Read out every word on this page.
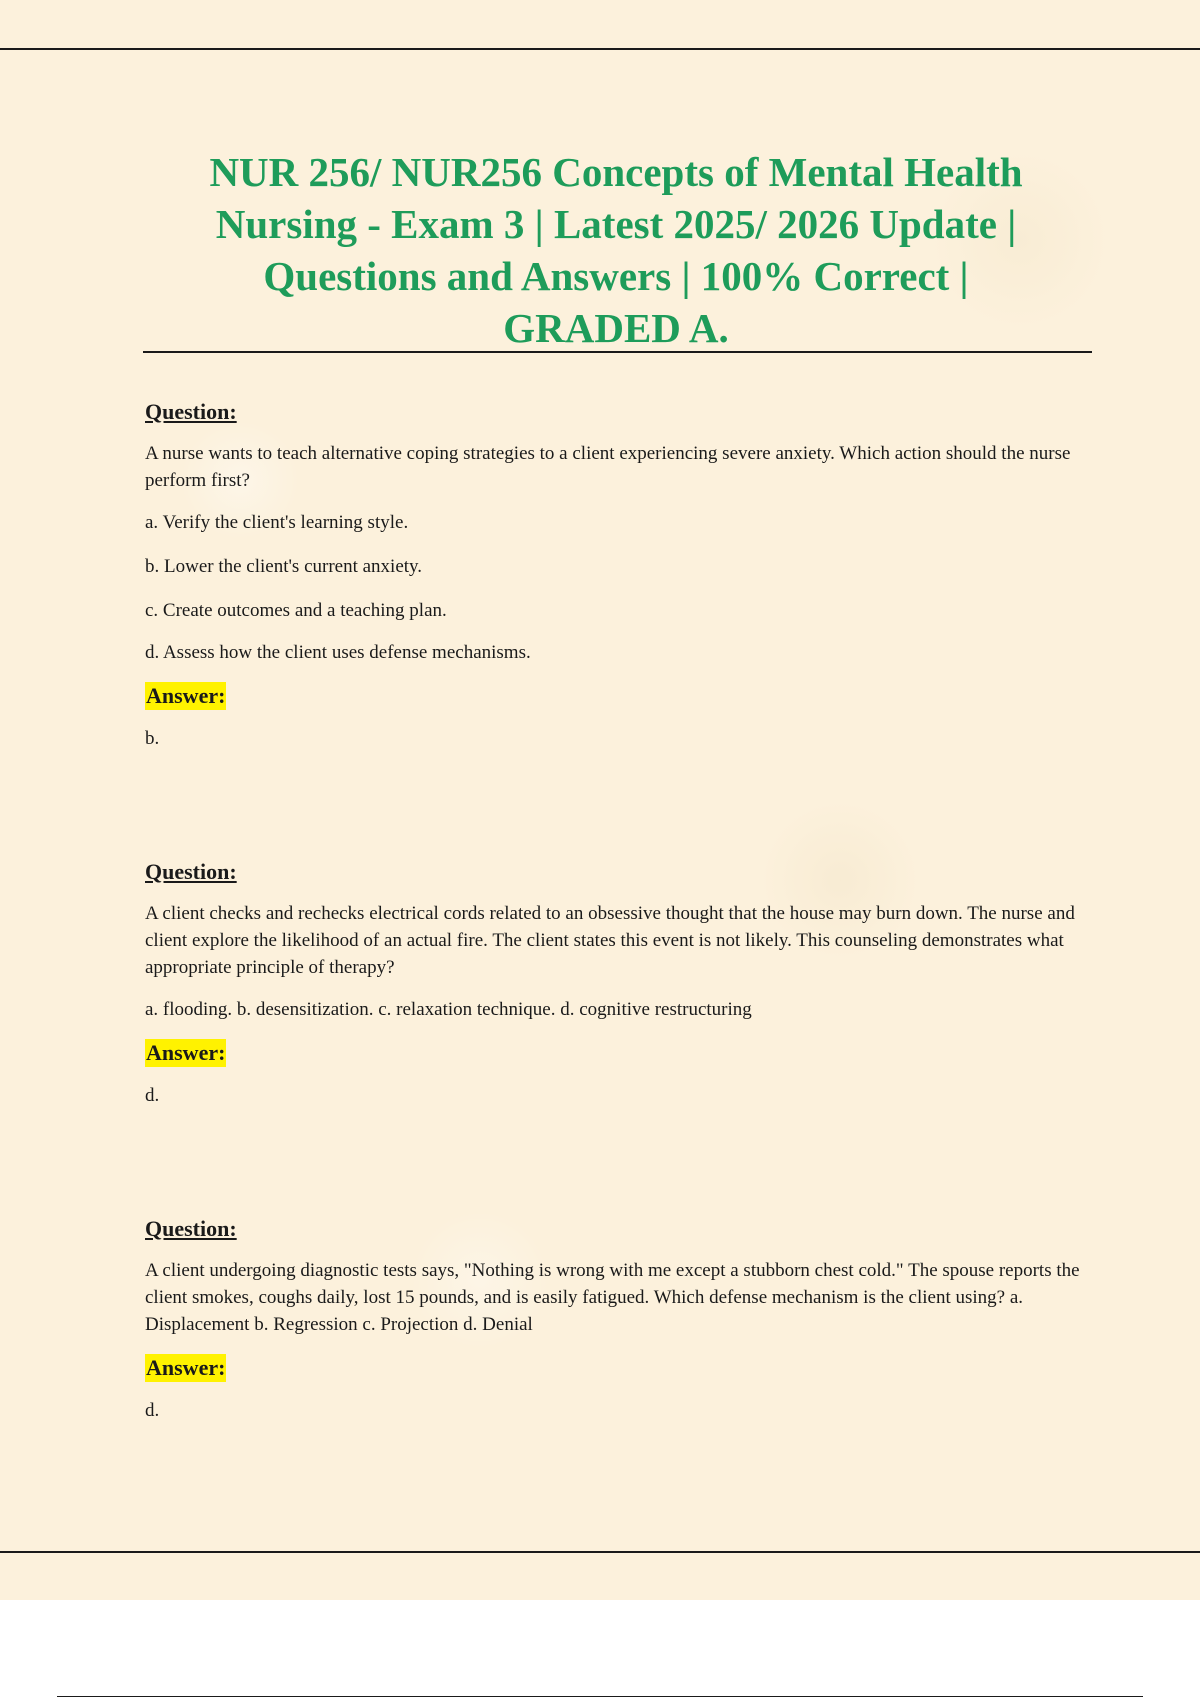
NUR 256/ NUR256 Concepts of Mental Health
Nursing - Exam 3 | Latest 2025/ 2026 Update |
Questions and Answers | 100% Correct |
GRADED A.
Question:

A nurse wants to teach alternative coping strategies to a client experiencing severe anxiety. Which action should the nurse perform first?

a. Verify the client's learning style.

b. Lower the client's current anxiety.

c. Create outcomes and a teaching plan.

d. Assess how the client uses defense mechanisms.

Answer:

b.

Question:

A client checks and rechecks electrical cords related to an obsessive thought that the house may burn down. The nurse and client explore the likelihood of an actual fire. The client states this event is not likely. This counseling demonstrates what appropriate principle of therapy?

a. flooding. b. desensitization. c. relaxation technique. d. cognitive restructuring

Answer:

d.

Question:

A client undergoing diagnostic tests says, "Nothing is wrong with me except a stubborn chest cold." The spouse reports the client smokes, coughs daily, lost 15 pounds, and is easily fatigued. Which defense mechanism is the client using? a. Displacement b. Regression c. Projection d. Denial

Answer:

d.
